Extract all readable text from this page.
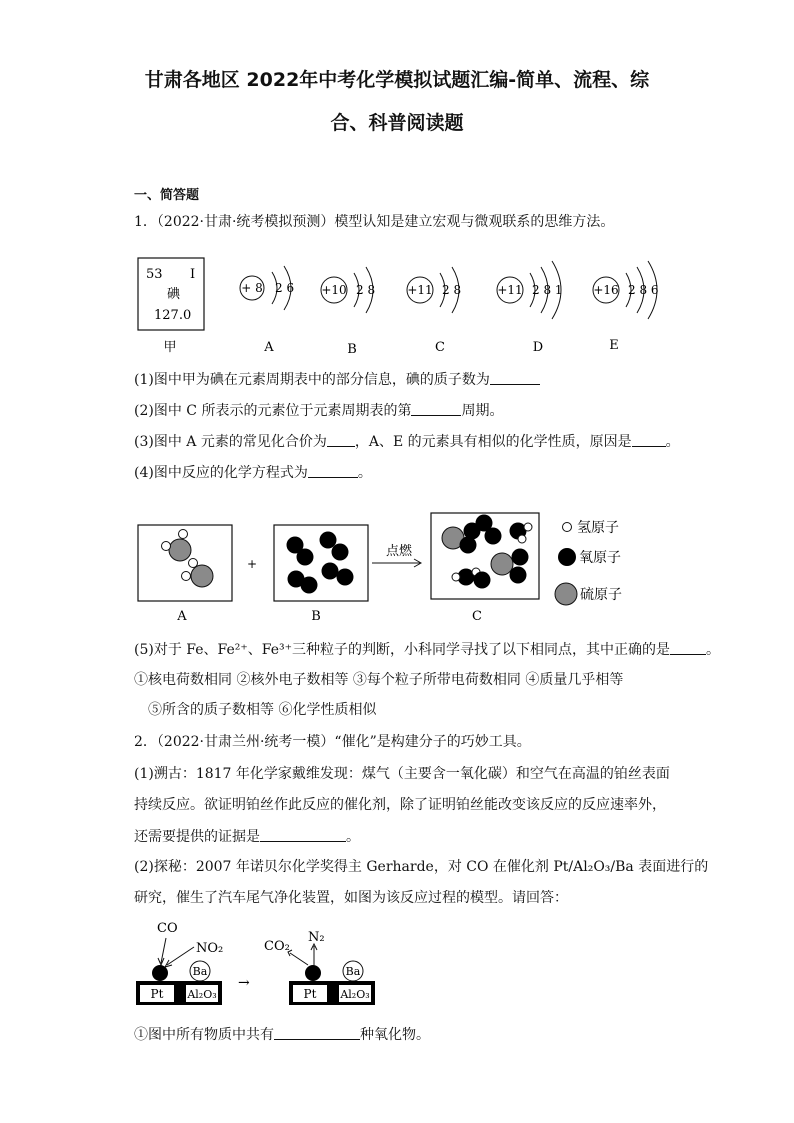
甘肃各地区 2022年中考化学模拟试题汇编-简单、流程、综
合、科普阅读题
一、简答题
1．（2022·甘肃·统考模拟预测）模型认知是建立宏观与微观联系的思维方法。
53 I
碘
127.0
+ 8 2 6 +10 2 8	+11 2 8	+11 2 8 1	+16 2 8 6
甲	A	B	C	D	E
(1)图中甲为碘在元素周期表中的部分信息，碘的质子数为
(2)图中 C 所表示的元素位于元素周期表的第	周期。
(3)图中 A 元素的常见化合价为 ，A、E 的元素具有相似的化学性质，原因是 。
(4)图中反应的化学方程式为	。
+
点燃
氢原子
氧原子
硫原子
A	B	C
(5)对于 Fe、Fe²⁺、Fe³⁺三种粒子的判断，小科同学寻找了以下相同点，其中正确的是	。
①核电荷数相同 ②核外电子数相等 ③每个粒子所带电荷数相同 ④质量几乎相等
⑤所含的质子数相等 ⑥化学性质相似
2．（2022·甘肃兰州·统考一模）“催化”是构建分子的巧妙工具。
(1)溯古：1817 年化学家戴维发现：煤气（主要含一氧化碳）和空气在高温的铂丝表面
持续反应。欲证明铂丝作此反应的催化剂，除了证明铂丝能改变该反应的反应速率外，
还需要提供的证据是	。
(2)探秘：2007 年诺贝尔化学奖得主 Gerharde，对 CO 在催化剂 Pt/Al₂O₃/Ba 表面进行的
研究，催生了汽车尾气净化装置，如图为该反应过程的模型。请回答：
CO
NO₂
Ba
Pt Al₂O₃
→
CO₂
N₂
Ba
Pt Al₂O₃
①图中所有物质中共有	种氧化物。
